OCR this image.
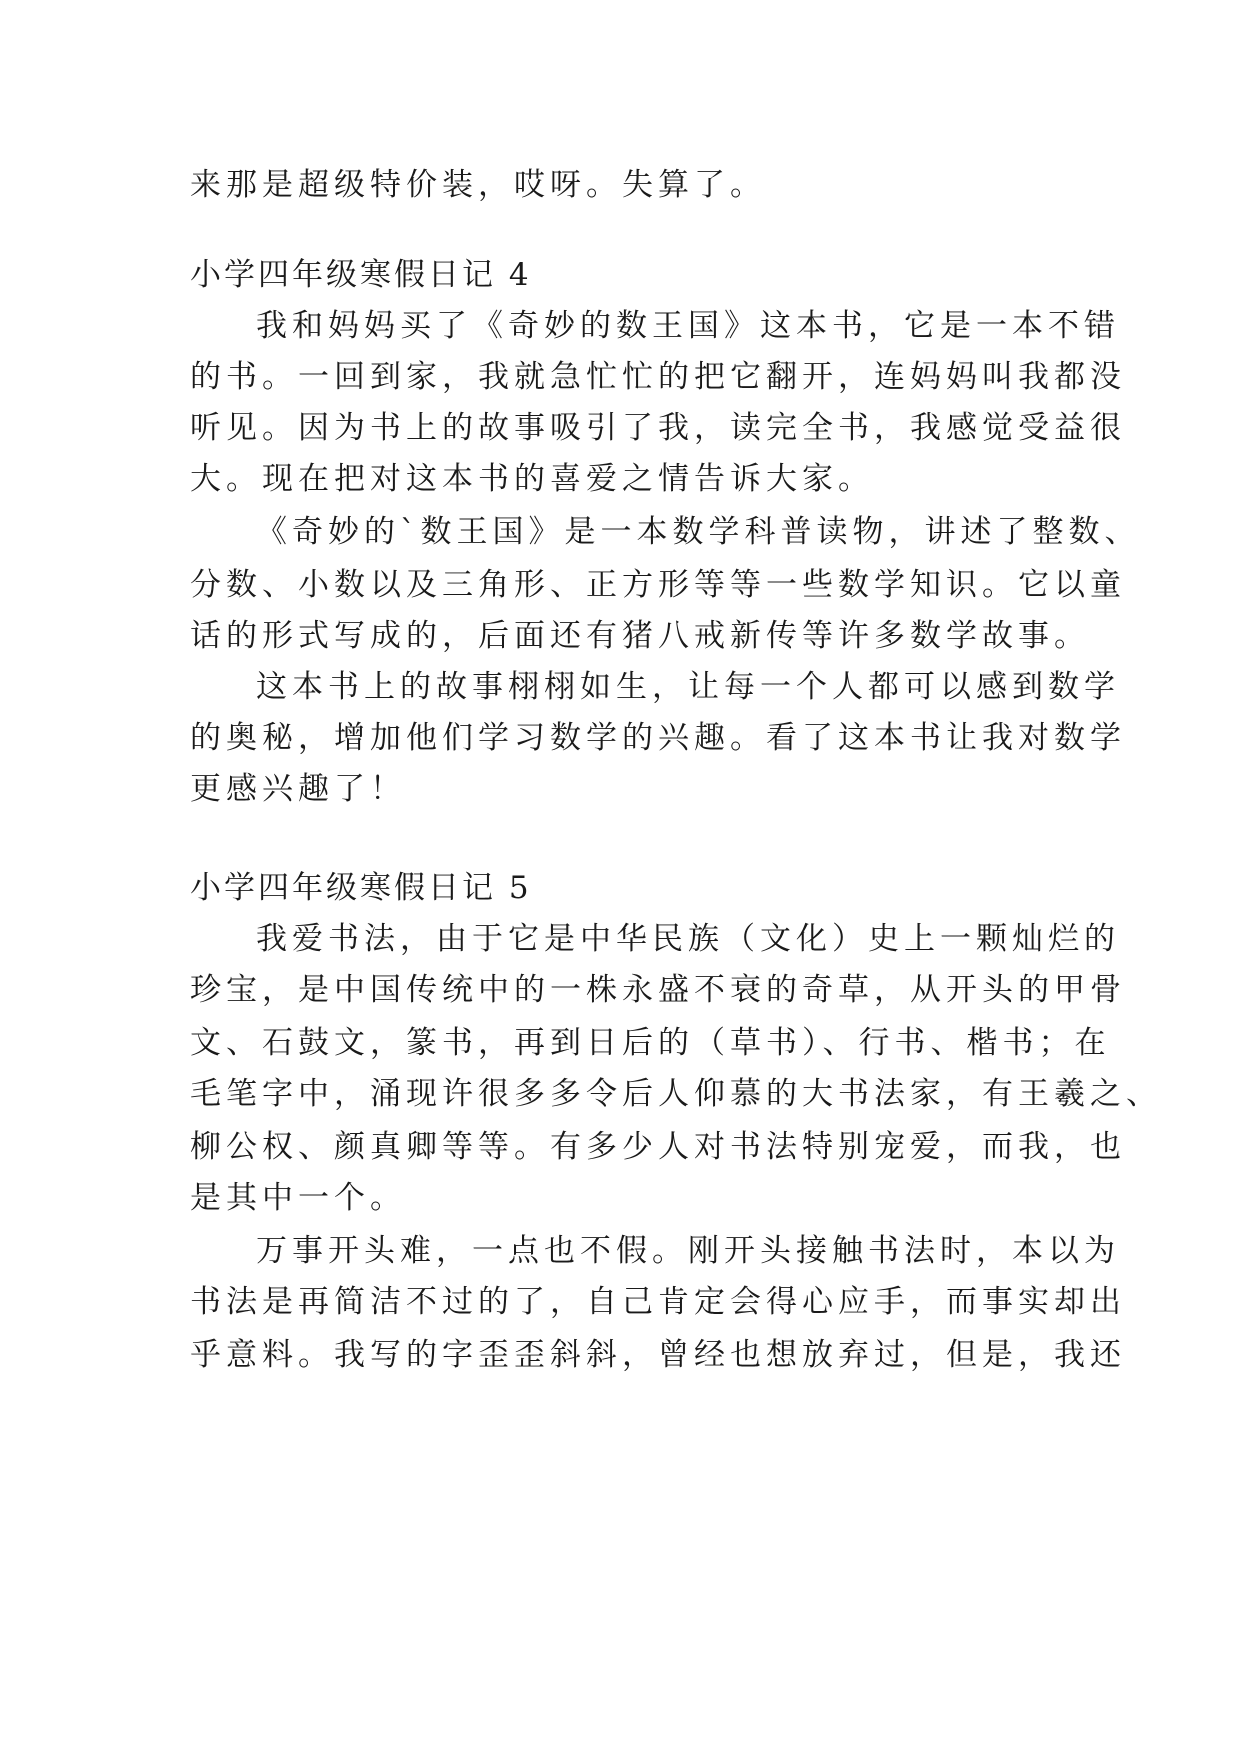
来那是超级特价装，哎呀。失算了。
小学四年级寒假日记 4
我和妈妈买了《奇妙的数王国》这本书，它是一本不错
的书。一回到家，我就急忙忙的把它翻开，连妈妈叫我都没
听见。因为书上的故事吸引了我，读完全书，我感觉受益很
大。现在把对这本书的喜爱之情告诉大家。
《奇妙的`数王国》是一本数学科普读物，讲述了整数、
分数、小数以及三角形、正方形等等一些数学知识。它以童
话的形式写成的，后面还有猪八戒新传等许多数学故事。
这本书上的故事栩栩如生，让每一个人都可以感到数学
的奥秘，增加他们学习数学的兴趣。看了这本书让我对数学
更感兴趣了！
小学四年级寒假日记 5
我爱书法，由于它是中华民族（文化）史上一颗灿烂的
珍宝，是中国传统中的一株永盛不衰的奇草，从开头的甲骨
文、石鼓文，篆书，再到日后的（草书）、行书、楷书；在
毛笔字中，涌现许很多多令后人仰慕的大书法家，有王羲之、
柳公权、颜真卿等等。有多少人对书法特别宠爱，而我，也
是其中一个。
万事开头难，一点也不假。刚开头接触书法时，本以为
书法是再简洁不过的了，自己肯定会得心应手，而事实却出
乎意料。我写的字歪歪斜斜，曾经也想放弃过，但是，我还
